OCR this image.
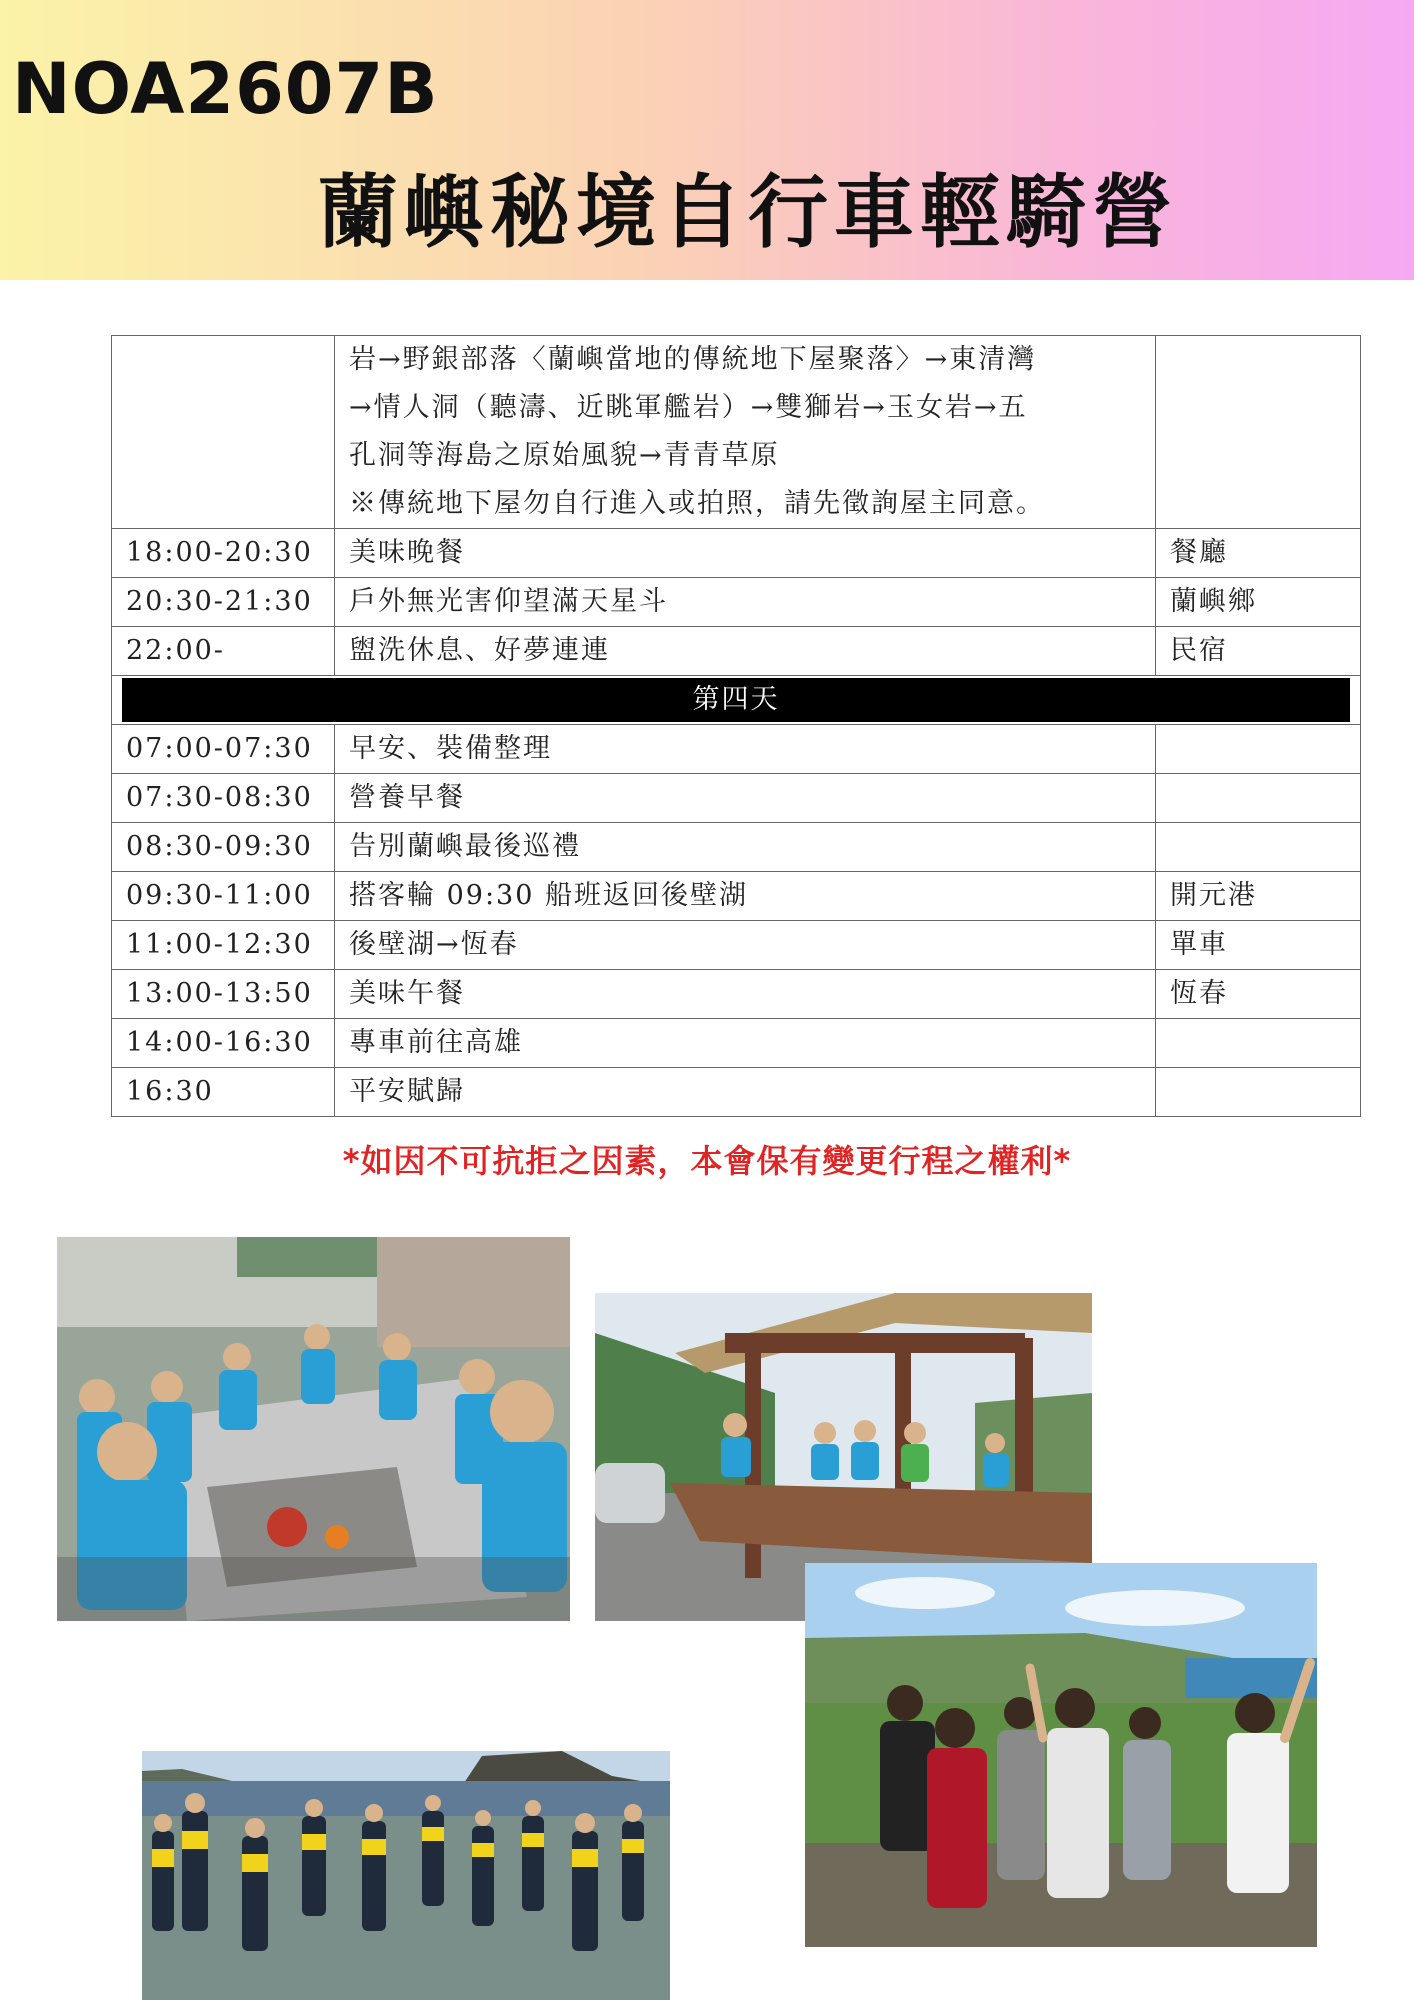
NOA2607B
蘭嶼秘境自行車輕騎營

	岩→野銀部落〈蘭嶼當地的傳統地下屋聚落〉→東清灣
→情人洞（聽濤、近眺軍艦岩）→雙獅岩→玉女岩→五
孔洞等海島之原始風貌→青青草原
※傳統地下屋勿自行進入或拍照，請先徵詢屋主同意。	

18:00-20:30	美味晚餐	餐廳
20:30-21:30	戶外無光害仰望滿天星斗	蘭嶼鄉
22:00-	盥洗休息、好夢連連	民宿

第四天		

07:00-07:30	早安、裝備整理	
07:30-08:30	營養早餐	
08:30-09:30	告別蘭嶼最後巡禮	
09:30-11:00	搭客輪 09:30 船班返回後壁湖	開元港
11:00-12:30	後壁湖→恆春	單車
13:00-13:50	美味午餐	恆春
14:00-16:30	專車前往高雄	
16:30	平安賦歸	
*如因不可抗拒之因素，本會保有變更行程之權利*
